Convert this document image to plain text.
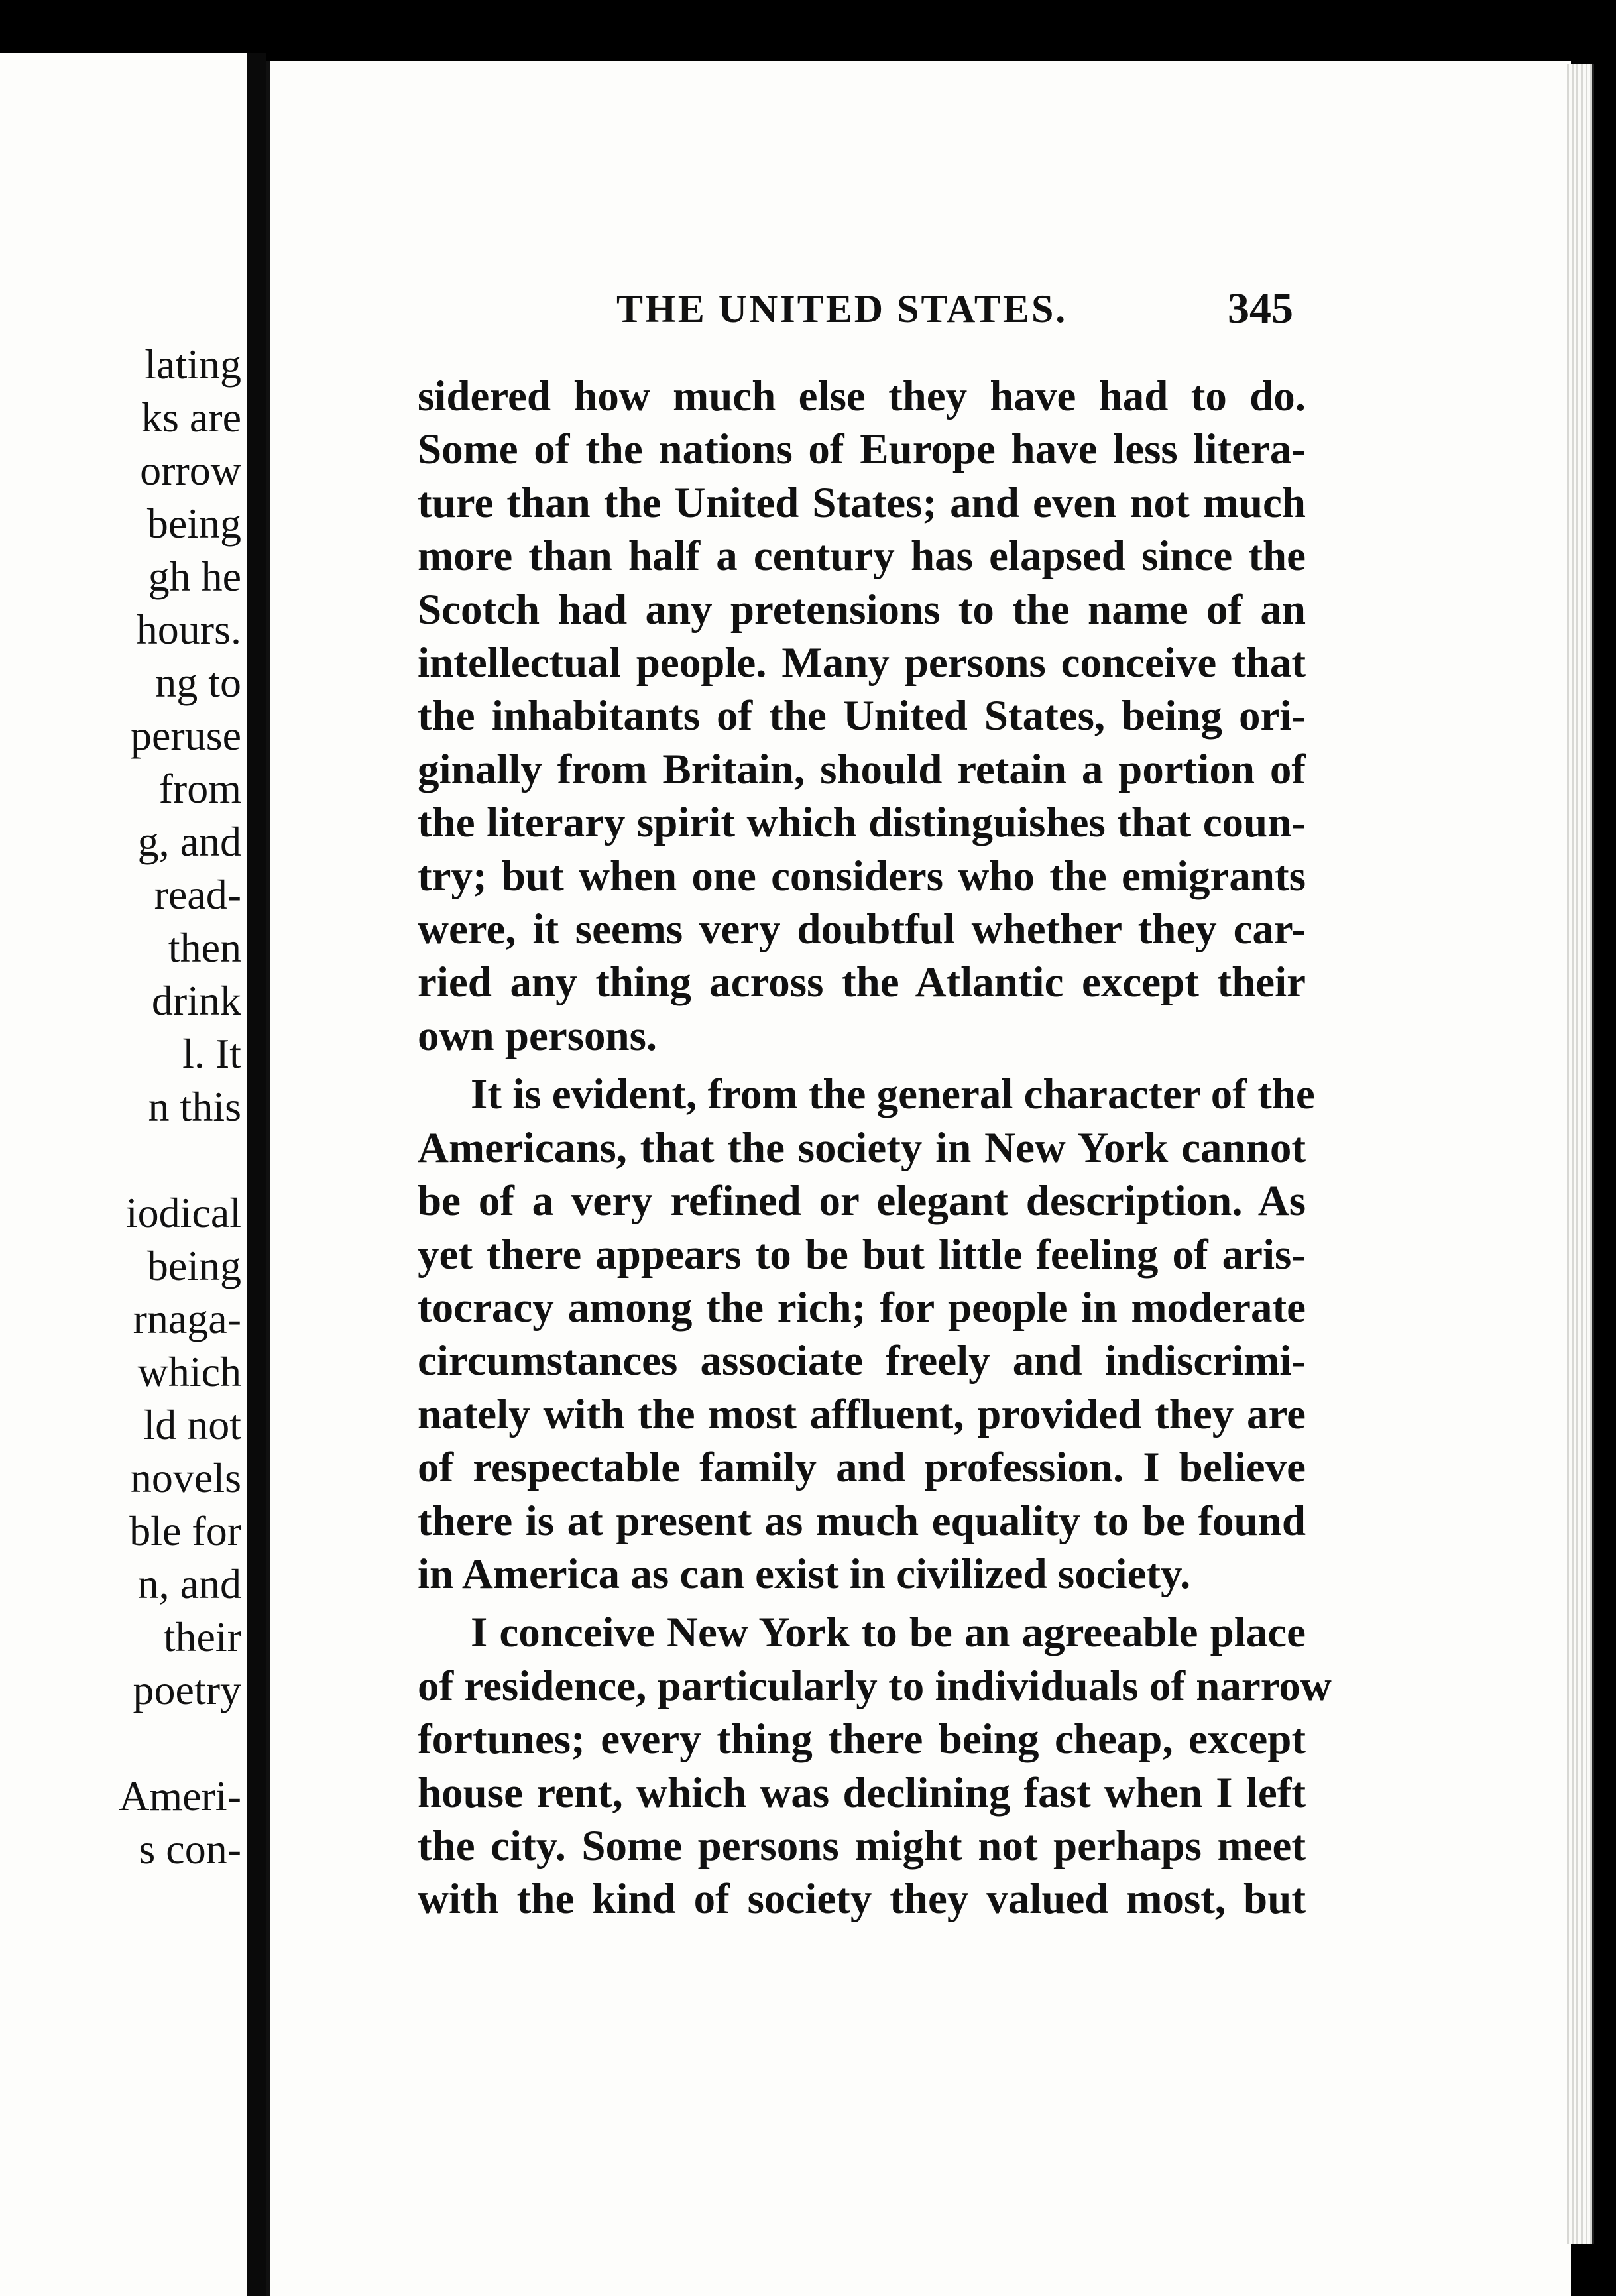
lating
ks are
orrow
being
gh he
hours.
ng to
peruse
from
g, and
read-
then
drink
l. It
n this
iodical
being
rnaga-
which
ld not
novels
ble for
n, and
their
poetry
Ameri-
s con-
THE UNITED STATES.	345
sidered how much else they have had to do.
Some of the nations of Europe have less litera-
ture than the United States; and even not much
more than half a century has elapsed since the
Scotch had any pretensions to the name of an
intellectual people. Many persons conceive that
the inhabitants of the United States, being ori-
ginally from Britain, should retain a portion of
the literary spirit which distinguishes that coun-
try; but when one considers who the emigrants
were, it seems very doubtful whether they car-
ried any thing across the Atlantic except their
own persons.
It is evident, from the general character of the
Americans, that the society in New York cannot
be of a very refined or elegant description. As
yet there appears to be but little feeling of aris-
tocracy among the rich; for people in moderate
circumstances associate freely and indiscrimi-
nately with the most affluent, provided they are
of respectable family and profession. I believe
there is at present as much equality to be found
in America as can exist in civilized society.
I conceive New York to be an agreeable place
of residence, particularly to individuals of narrow
fortunes; every thing there being cheap, except
house rent, which was declining fast when I left
the city. Some persons might not perhaps meet
with the kind of society they valued most, but
